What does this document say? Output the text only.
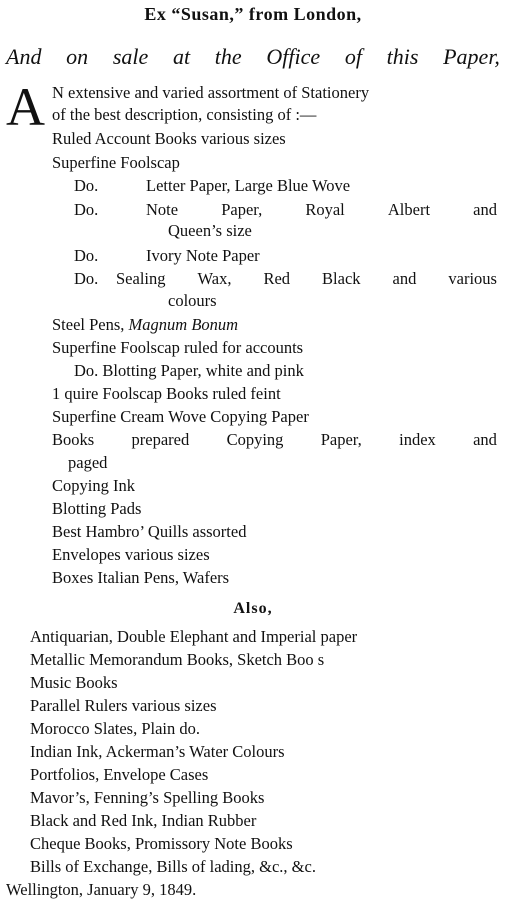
Ex “Susan,” from London,
And on sale at the Office of this Paper,
A N extensive and varied assortment of Stationery
of the best description, consisting of :—
Ruled Account Books various sizes
Superfine Foolscap
Do.	Letter Paper, Large Blue Wove
Do.	Note	Paper,	Royal	Albert	and
Queen’s size
Do.	Ivory Note Paper
Do. Sealing Wax, Red Black and various
colours
Steel Pens, Magnum Bonum
Superfine Foolscap ruled for accounts
Do. Blotting Paper, white and pink
1 quire Foolscap Books ruled feint
Superfine Cream Wove Copying Paper
Books prepared Copying Paper, index and
paged
Copying Ink
Blotting Pads
Best Hambro’ Quills assorted
Envelopes various sizes
Boxes Italian Pens, Wafers
Also,
Antiquarian, Double Elephant and Imperial paper
Metallic Memorandum Books, Sketch Boo s
Music Books
Parallel Rulers various sizes
Morocco Slates, Plain do.
Indian Ink, Ackerman’s Water Colours
Portfolios, Envelope Cases
Mavor’s, Fenning’s Spelling Books
Black and Red Ink, Indian Rubber
Cheque Books, Promissory Note Books
Bills of Exchange, Bills of lading, &c., &c.
Wellington, January 9, 1849.
